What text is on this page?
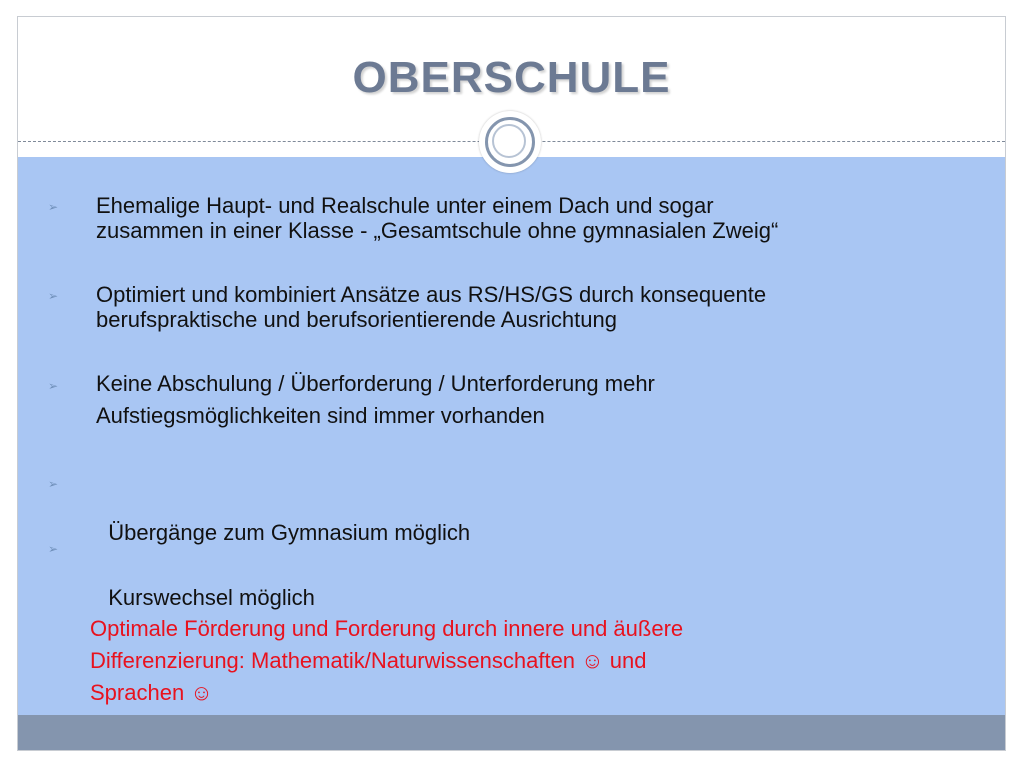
OBERSCHULE
➢ Ehemalige Haupt- und Realschule unter einem Dach und sogar
zusammen in einer Klasse - „Gesamtschule ohne gymnasialen Zweig“
➢ Optimiert und kombiniert Ansätze aus RS/HS/GS durch konsequente
berufspraktische und berufsorientierende Ausrichtung
➢ Keine Abschulung / Überforderung / Unterforderung mehr
Aufstiegsmöglichkeiten sind immer vorhanden
➢

Übergänge zum Gymnasium möglich

➢

Kurswechsel möglich

Optimale Förderung und Forderung durch innere und äußere
Differenzierung: Mathematik/Naturwissenschaften ☺ und
Sprachen ☺
